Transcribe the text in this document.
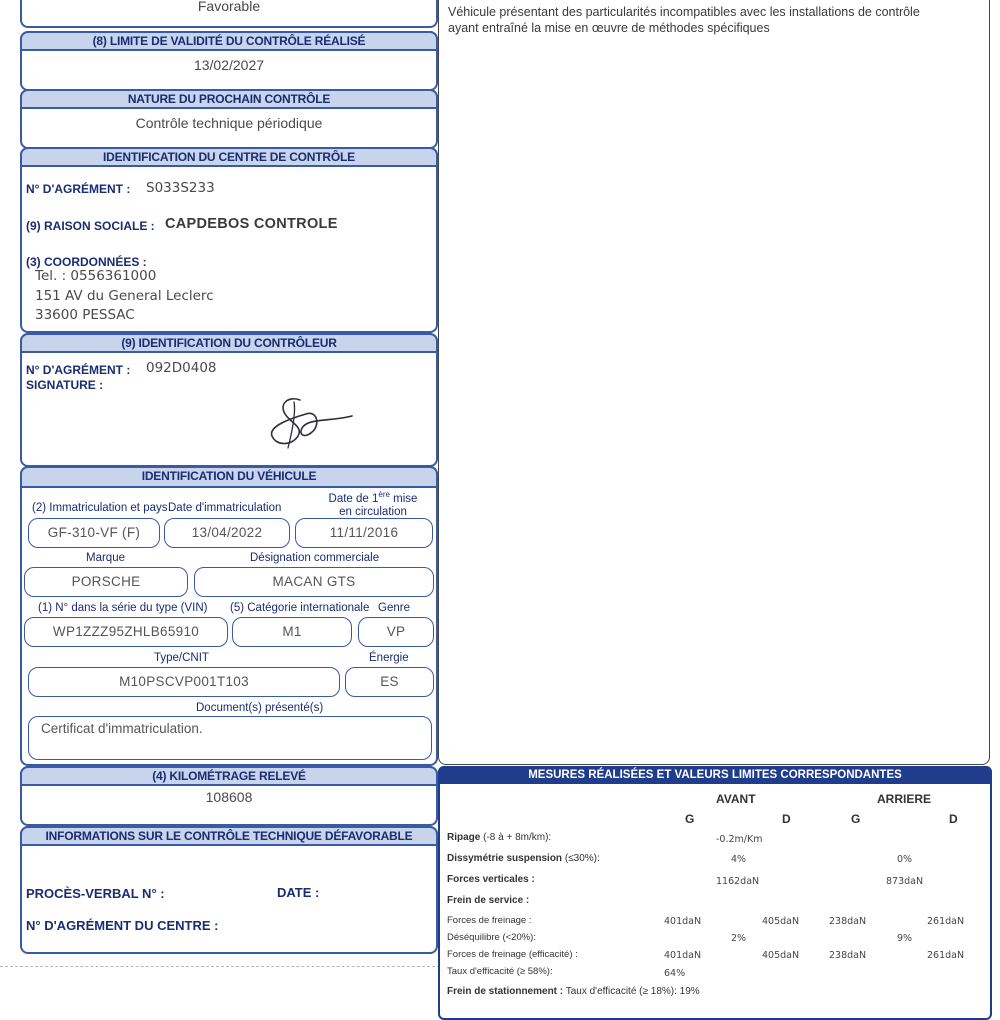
Favorable
(8) LIMITE DE VALIDITÉ DU CONTRÔLE RÉALISÉ
13/02/2027
NATURE DU PROCHAIN CONTRÔLE
Contrôle technique périodique
IDENTIFICATION DU CENTRE DE CONTRÔLE
N° D'AGRÉMENT : S033S233
(9) RAISON SOCIALE : CAPDEBOS CONTROLE
(3) COORDONNÉES :
Tel. : 0556361000
151 AV du General Leclerc
33600 PESSAC
(9) IDENTIFICATION DU CONTRÔLEUR
N° D'AGRÉMENT : 092D0408
SIGNATURE :
IDENTIFICATION DU VÉHICULE
(2) Immatriculation et pays Date d'immatriculation
Date de 1ère mise
en circulation
GF-310-VF (F)	13/04/2022	11/11/2016
Marque	Désignation commerciale
PORSCHE	MACAN GTS
(1) N° dans la série du type (VIN) (5) Catégorie internationale Genre
WP1ZZZ95ZHLB65910	M1	VP
Type/CNIT	Énergie
M10PSCVP001T103	ES
Document(s) présenté(s)
Certificat d'immatriculation.
(4) KILOMÉTRAGE RELEVÉ
108608
INFORMATIONS SUR LE CONTRÔLE TECHNIQUE DÉFAVORABLE
PROCÈS-VERBAL N° :	DATE :
N° D'AGRÉMENT DU CENTRE :
Véhicule présentant des particularités incompatibles avec les installations de contrôle
ayant entraîné la mise en œuvre de méthodes spécifiques
MESURES RÉALISÉES ET VALEURS LIMITES CORRESPONDANTES
AVANT	ARRIERE
G	D	G	D
Ripage (-8 à + 8m/km):	-0.2m/Km
Dissymétrie suspension (≤30%):	4%	0%
Forces verticales :	1162daN	873daN
Frein de service :
Forces de freinage :	401daN	405daN	238daN	261daN
Déséquilibre (<20%):	2%	9%
Forces de freinage (efficacité) :	401daN	405daN	238daN	261daN
Taux d'efficacité (≥ 58%):	64%
Frein de stationnement : Taux d'efficacité (≥ 18%): 19%
